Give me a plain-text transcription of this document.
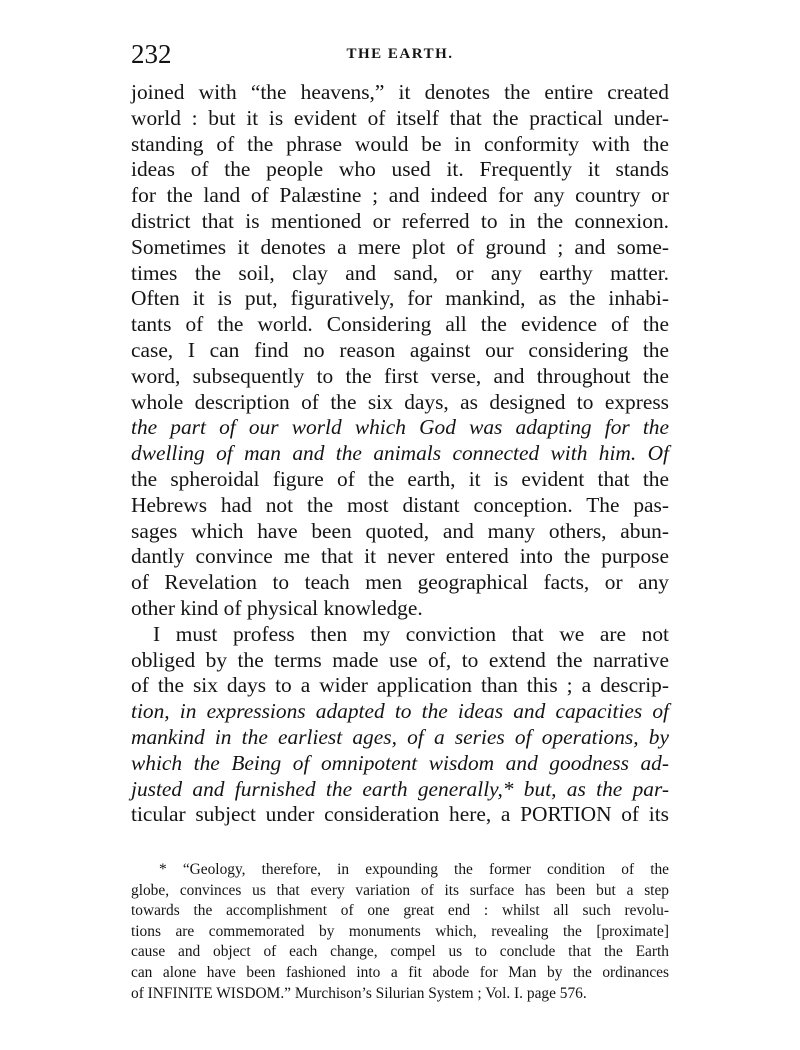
232	THE EARTH.
joined with “the heavens,” it denotes the entire created
world : but it is evident of itself that the practical under-
standing of the phrase would be in conformity with the
ideas of the people who used it. Frequently it stands
for the land of Palæstine ; and indeed for any country or
district that is mentioned or referred to in the connexion.
Sometimes it denotes a mere plot of ground ; and some-
times the soil, clay and sand, or any earthy matter.
Often it is put, figuratively, for mankind, as the inhabi-
tants of the world. Considering all the evidence of the
case, I can find no reason against our considering the
word, subsequently to the first verse, and throughout the
whole description of the six days, as designed to express
the part of our world which God was adapting for the
dwelling of man and the animals connected with him. Of
the spheroidal figure of the earth, it is evident that the
Hebrews had not the most distant conception. The pas-
sages which have been quoted, and many others, abun-
dantly convince me that it never entered into the purpose
of Revelation to teach men geographical facts, or any
other kind of physical knowledge.
I must profess then my conviction that we are not
obliged by the terms made use of, to extend the narrative
of the six days to a wider application than this ; a descrip-
tion, in expressions adapted to the ideas and capacities of
mankind in the earliest ages, of a series of operations, by
which the Being of omnipotent wisdom and goodness ad-
justed and furnished the earth generally,* but, as the par-
ticular subject under consideration here, a PORTION of its
* “Geology, therefore, in expounding the former condition of the
globe, convinces us that every variation of its surface has been but a step
towards the accomplishment of one great end : whilst all such revolu-
tions are commemorated by monuments which, revealing the [proximate]
cause and object of each change, compel us to conclude that the Earth
can alone have been fashioned into a fit abode for Man by the ordinances
of INFINITE WISDOM.” Murchison’s Silurian System ; Vol. I. page 576.
